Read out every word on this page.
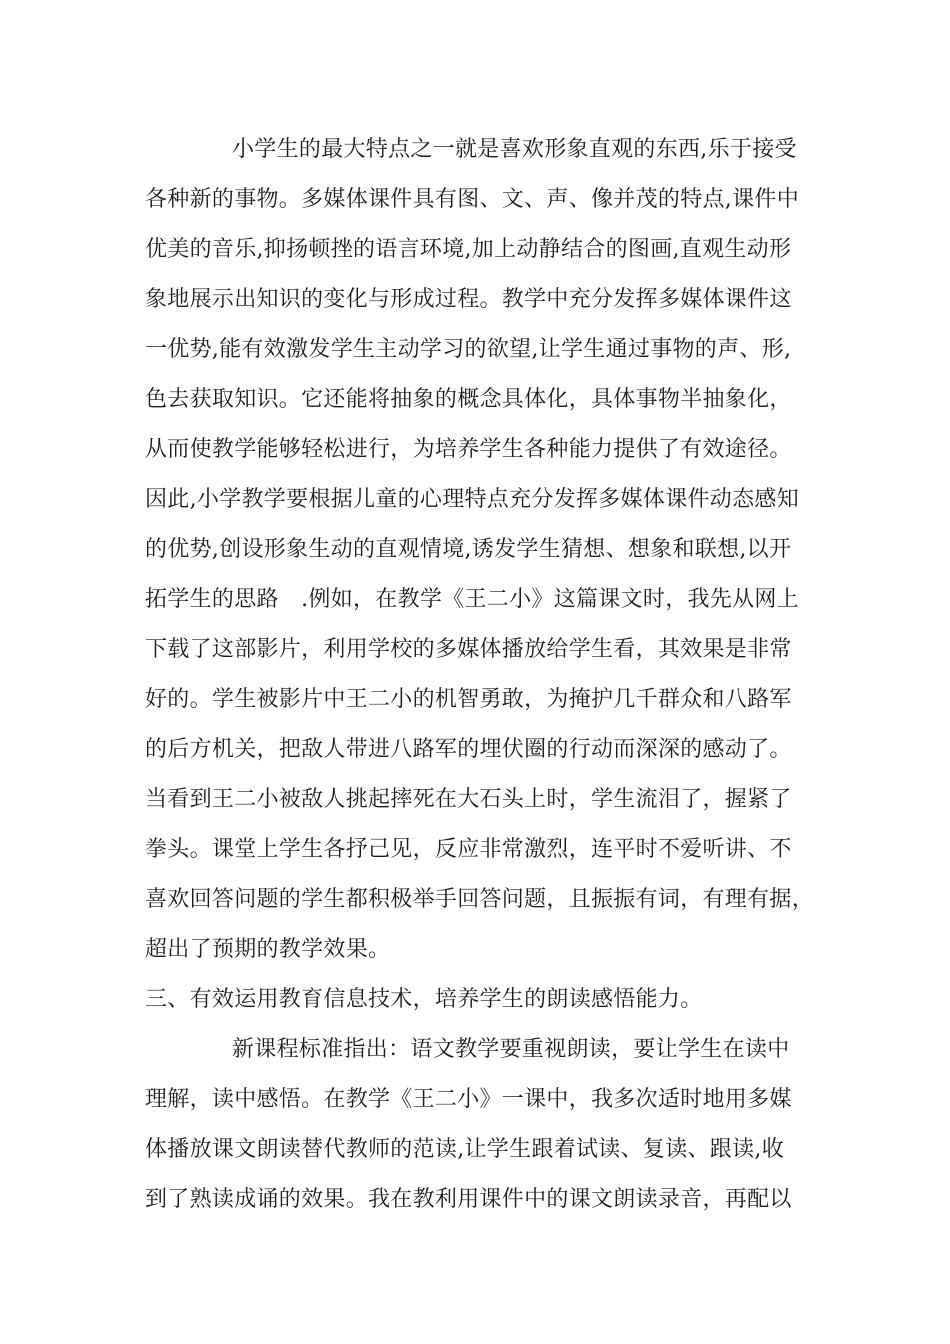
小学生的最大特点之一就是喜欢形象直观的东西,乐于接受
各种新的事物。多媒体课件具有图、文、声、像并茂的特点,课件中
优美的音乐,抑扬顿挫的语言环境,加上动静结合的图画,直观生动形
象地展示出知识的变化与形成过程。教学中充分发挥多媒体课件这
一优势,能有效激发学生主动学习的欲望,让学生通过事物的声、形,
色去获取知识。它还能将抽象的概念具体化，具体事物半抽象化，
从而使教学能够轻松进行，为培养学生各种能力提供了有效途径。
因此,小学教学要根据儿童的心理特点充分发挥多媒体课件动态感知
的优势,创设形象生动的直观情境,诱发学生猜想、想象和联想,以开
拓学生的思路　.例如，在教学《王二小》这篇课文时，我先从网上
下载了这部影片，利用学校的多媒体播放给学生看，其效果是非常
好的。学生被影片中王二小的机智勇敢，为掩护几千群众和八路军
的后方机关，把敌人带进八路军的埋伏圈的行动而深深的感动了。
当看到王二小被敌人挑起摔死在大石头上时，学生流泪了，握紧了
拳头。课堂上学生各抒己见，反应非常激烈，连平时不爱听讲、不
喜欢回答问题的学生都积极举手回答问题，且振振有词，有理有据，
超出了预期的教学效果。
三、有效运用教育信息技术，培养学生的朗读感悟能力。
新课程标准指出：语文教学要重视朗读，要让学生在读中
理解，读中感悟。在教学《王二小》一课中，我多次适时地用多媒
体播放课文朗读替代教师的范读,让学生跟着试读、复读、跟读,收
到了熟读成诵的效果。我在教利用课件中的课文朗读录音，再配以
